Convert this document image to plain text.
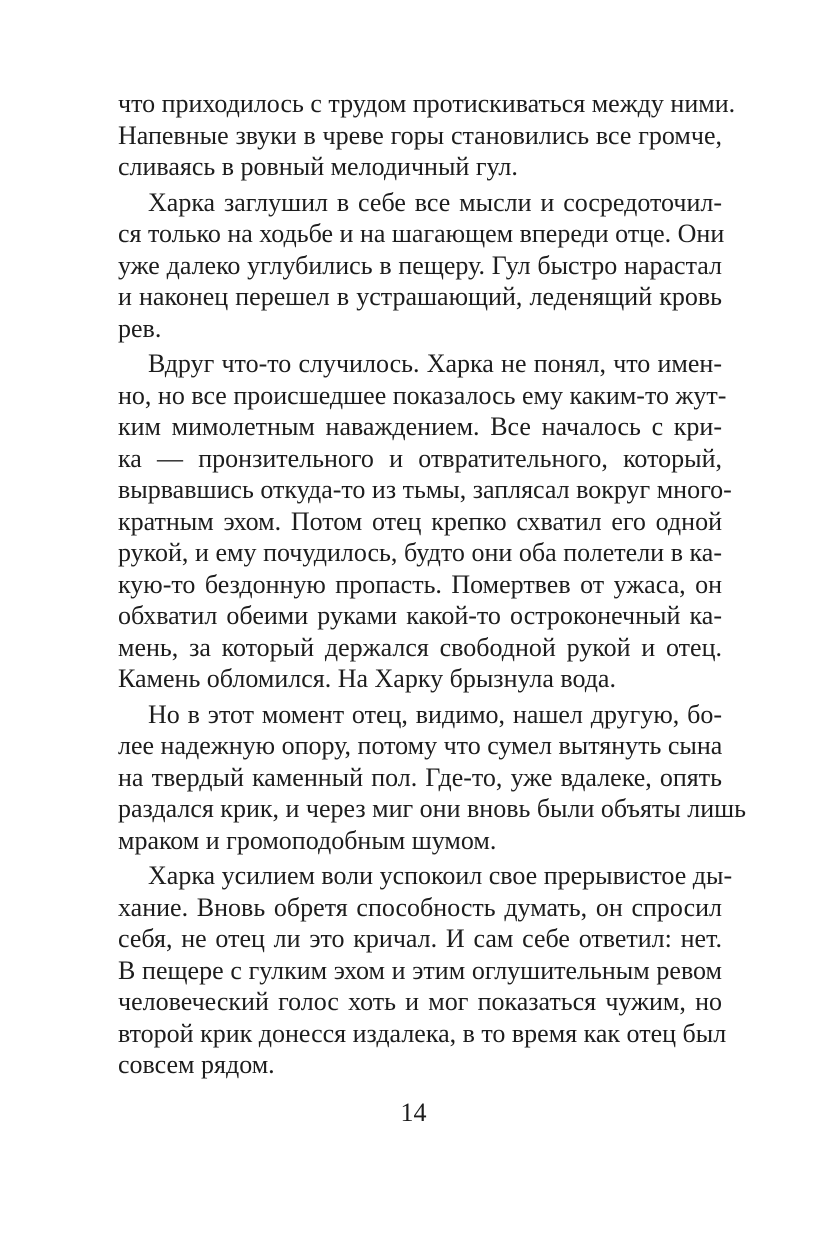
что приходилось с трудом протискиваться между ними.
Напевные звуки в чреве горы становились все громче,
сливаясь в ровный мелодичный гул.
Харка заглушил в себе все мысли и сосредоточил-
ся только на ходьбе и на шагающем впереди отце. Они
уже далеко углубились в пещеру. Гул быстро нарастал
и наконец перешел в устрашающий, леденящий кровь
рев.
Вдруг что-то случилось. Харка не понял, что имен-
но, но все происшедшее показалось ему каким-то жут-
ким мимолетным наваждением. Все началось с кри-
ка — пронзительного и отвратительного, который,
вырвавшись откуда-то из тьмы, заплясал вокруг много-
кратным эхом. Потом отец крепко схватил его одной
рукой, и ему почудилось, будто они оба полетели в ка-
кую-то бездонную пропасть. Помертвев от ужаса, он
обхватил обеими руками какой-то остроконечный ка-
мень, за который держался свободной рукой и отец.
Камень обломился. На Харку брызнула вода.
Но в этот момент отец, видимо, нашел другую, бо-
лее надежную опору, потому что сумел вытянуть сына
на твердый каменный пол. Где-то, уже вдалеке, опять
раздался крик, и через миг они вновь были объяты лишь
мраком и громоподобным шумом.
Харка усилием воли успокоил свое прерывистое ды-
хание. Вновь обретя способность думать, он спросил
себя, не отец ли это кричал. И сам себе ответил: нет.
В пещере с гулким эхом и этим оглушительным ревом
человеческий голос хоть и мог показаться чужим, но
второй крик донесся издалека, в то время как отец был
совсем рядом.
14
